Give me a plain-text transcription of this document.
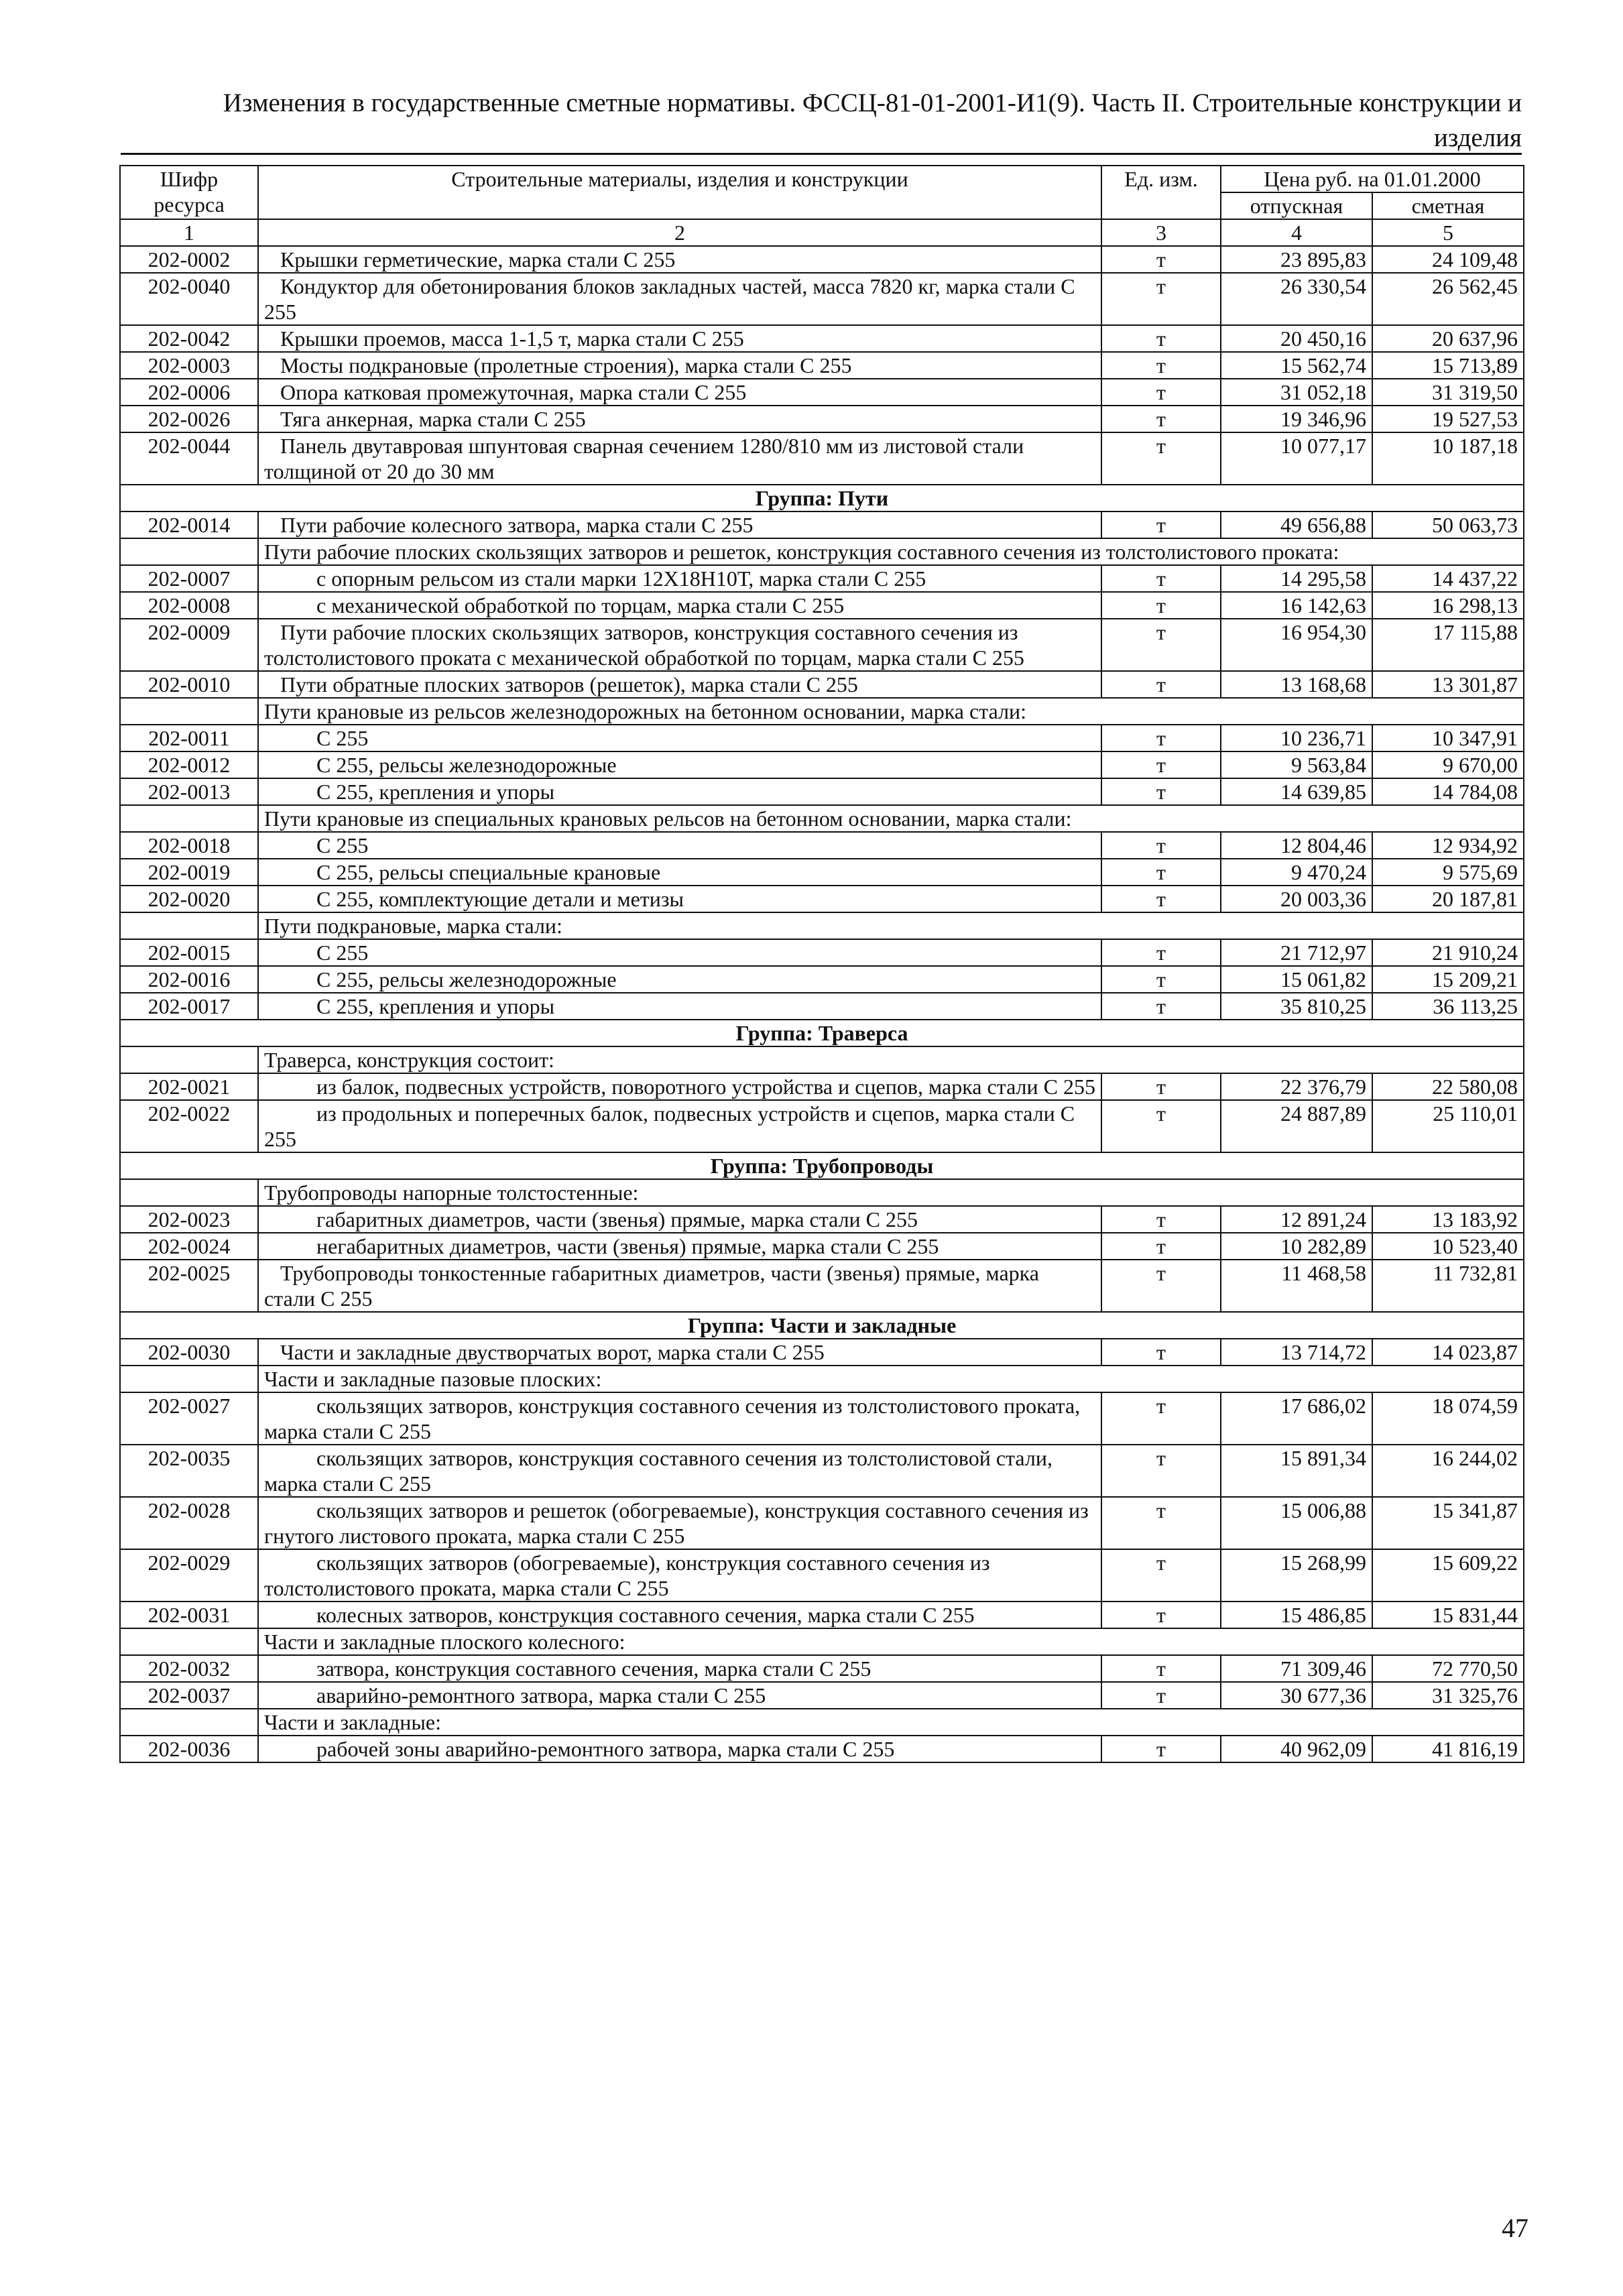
Изменения в государственные сметные нормативы. ФССЦ-81-01-2001-И1(9). Часть II. Строительные конструкции и изделия
Шифр ресурса	Строительные материалы, изделия и конструкции	Ед. изм.	Цена руб. на 01.01.2000	
			отпускная	сметная
1	2	3	4	5
202-0002	Крышки герметические, марка стали С 255	т	23 895,83	24 109,48
202-0040	Кондуктор для обетонирования блоков закладных частей, масса 7820 кг, марка стали С 255	т	26 330,54	26 562,45
202-0042	Крышки проемов, масса 1-1,5 т, марка стали С 255	т	20 450,16	20 637,96
202-0003	Мосты подкрановые (пролетные строения), марка стали С 255	т	15 562,74	15 713,89
202-0006	Опора катковая промежуточная, марка стали С 255	т	31 052,18	31 319,50
202-0026	Тяга анкерная, марка стали С 255	т	19 346,96	19 527,53
202-0044	Панель двутавровая шпунтовая сварная сечением 1280/810 мм из листовой стали толщиной от 20 до 30 мм	т	10 077,17	10 187,18
Группа: Пути				
202-0014	Пути рабочие колесного затвора, марка стали С 255	т	49 656,88	50 063,73
	Пути рабочие плоских скользящих затворов и решеток, конструкция составного сечения из толстолистового проката:			
202-0007	с опорным рельсом из стали марки 12Х18Н10Т, марка стали С 255	т	14 295,58	14 437,22
202-0008	с механической обработкой по торцам, марка стали С 255	т	16 142,63	16 298,13
202-0009	Пути рабочие плоских скользящих затворов, конструкция составного сечения из толстолистового проката с механической обработкой по торцам, марка стали С 255	т	16 954,30	17 115,88
202-0010	Пути обратные плоских затворов (решеток), марка стали С 255	т	13 168,68	13 301,87
	Пути крановые из рельсов железнодорожных на бетонном основании, марка стали:			
202-0011	С 255	т	10 236,71	10 347,91
202-0012	С 255, рельсы железнодорожные	т	9 563,84	9 670,00
202-0013	С 255, крепления и упоры	т	14 639,85	14 784,08
	Пути крановые из специальных крановых рельсов на бетонном основании, марка стали:			
202-0018	С 255	т	12 804,46	12 934,92
202-0019	С 255, рельсы специальные крановые	т	9 470,24	9 575,69
202-0020	С 255, комплектующие детали и метизы	т	20 003,36	20 187,81
	Пути подкрановые, марка стали:			
202-0015	С 255	т	21 712,97	21 910,24
202-0016	С 255, рельсы железнодорожные	т	15 061,82	15 209,21
202-0017	С 255, крепления и упоры	т	35 810,25	36 113,25
Группа: Траверса				
	Траверса, конструкция состоит:			
202-0021	из балок, подвесных устройств, поворотного устройства и сцепов, марка стали С 255	т	22 376,79	22 580,08
202-0022	из продольных и поперечных балок, подвесных устройств и сцепов, марка стали С 255	т	24 887,89	25 110,01
Группа: Трубопроводы				
	Трубопроводы напорные толстостенные:			
202-0023	габаритных диаметров, части (звенья) прямые, марка стали С 255	т	12 891,24	13 183,92
202-0024	негабаритных диаметров, части (звенья) прямые, марка стали С 255	т	10 282,89	10 523,40
202-0025	Трубопроводы тонкостенные габаритных диаметров, части (звенья) прямые, марка стали С 255	т	11 468,58	11 732,81
Группа: Части и закладные				
202-0030	Части и закладные двустворчатых ворот, марка стали С 255	т	13 714,72	14 023,87
	Части и закладные пазовые плоских:			
202-0027	скользящих затворов, конструкция составного сечения из толстолистового проката, марка стали С 255	т	17 686,02	18 074,59
202-0035	скользящих затворов, конструкция составного сечения из толстолистовой стали, марка стали С 255	т	15 891,34	16 244,02
202-0028	скользящих затворов и решеток (обогреваемые), конструкция составного сечения из гнутого листового проката, марка стали С 255	т	15 006,88	15 341,87
202-0029	скользящих затворов (обогреваемые), конструкция составного сечения из толстолистового проката, марка стали С 255	т	15 268,99	15 609,22
202-0031	колесных затворов, конструкция составного сечения, марка стали С 255	т	15 486,85	15 831,44
	Части и закладные плоского колесного:			
202-0032	затвора, конструкция составного сечения, марка стали С 255	т	71 309,46	72 770,50
202-0037	аварийно-ремонтного затвора, марка стали С 255	т	30 677,36	31 325,76
	Части и закладные:			
202-0036	рабочей зоны аварийно-ремонтного затвора, марка стали С 255	т	40 962,09	41 816,19
47
